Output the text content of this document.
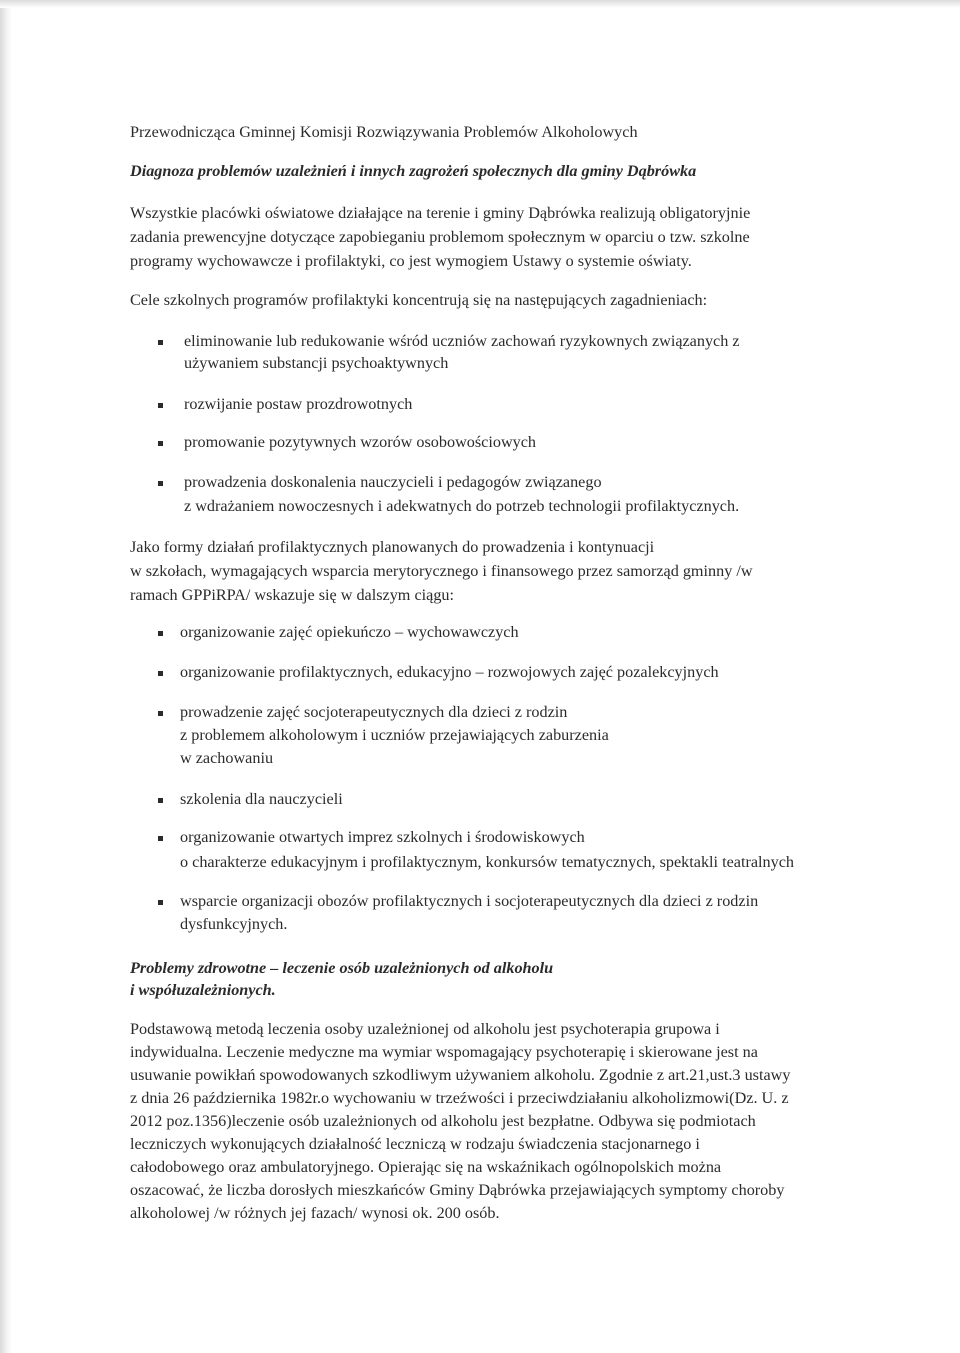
Przewodnicząca Gminnej Komisji Rozwiązywania Problemów Alkoholowych

Diagnoza problemów uzależnień i innych zagrożeń społecznych dla gminy Dąbrówka

Wszystkie placówki oświatowe działające na terenie i gminy Dąbrówka realizują obligatoryjnie

zadania prewencyjne dotyczące zapobieganiu problemom społecznym w oparciu o tzw. szkolne

programy wychowawcze i profilaktyki, co jest wymogiem Ustawy o systemie oświaty.

Cele szkolnych programów profilaktyki koncentrują się na następujących zagadnieniach:

eliminowanie lub redukowanie wśród uczniów zachowań ryzykownych związanych z

używaniem substancji psychoaktywnych

rozwijanie postaw prozdrowotnych

promowanie pozytywnych wzorów osobowościowych

prowadzenia doskonalenia nauczycieli i pedagogów związanego

z wdrażaniem nowoczesnych i adekwatnych do potrzeb technologii profilaktycznych.

Jako formy działań profilaktycznych planowanych do prowadzenia i kontynuacji

w szkołach, wymagających wsparcia merytorycznego i finansowego przez samorząd gminny /w

ramach GPPiRPA/ wskazuje się w dalszym ciągu:

organizowanie zajęć opiekuńczo – wychowawczych

organizowanie profilaktycznych, edukacyjno – rozwojowych zajęć pozalekcyjnych

prowadzenie zajęć socjoterapeutycznych dla dzieci z rodzin

z problemem alkoholowym i uczniów przejawiających zaburzenia

w zachowaniu

szkolenia dla nauczycieli

organizowanie otwartych imprez szkolnych i środowiskowych

o charakterze edukacyjnym i profilaktycznym, konkursów tematycznych, spektakli teatralnych

wsparcie organizacji obozów profilaktycznych i socjoterapeutycznych dla dzieci z rodzin

dysfunkcyjnych.

Problemy zdrowotne – leczenie osób uzależnionych od alkoholu

i współuzależnionych.

Podstawową metodą leczenia osoby uzależnionej od alkoholu jest psychoterapia grupowa i

indywidualna. Leczenie medyczne ma wymiar wspomagający psychoterapię i skierowane jest na

usuwanie powikłań spowodowanych szkodliwym używaniem alkoholu. Zgodnie z art.21,ust.3 ustawy

z dnia 26 października 1982r.o wychowaniu w trzeźwości i przeciwdziałaniu alkoholizmowi(Dz. U. z

2012 poz.1356)leczenie osób uzależnionych od alkoholu jest bezpłatne. Odbywa się podmiotach

leczniczych wykonujących działalność leczniczą w rodzaju świadczenia stacjonarnego i

całodobowego oraz ambulatoryjnego. Opierając się na wskaźnikach ogólnopolskich można

oszacować, że liczba dorosłych mieszkańców Gminy Dąbrówka przejawiających symptomy choroby

alkoholowej /w różnych jej fazach/ wynosi ok. 200 osób.
